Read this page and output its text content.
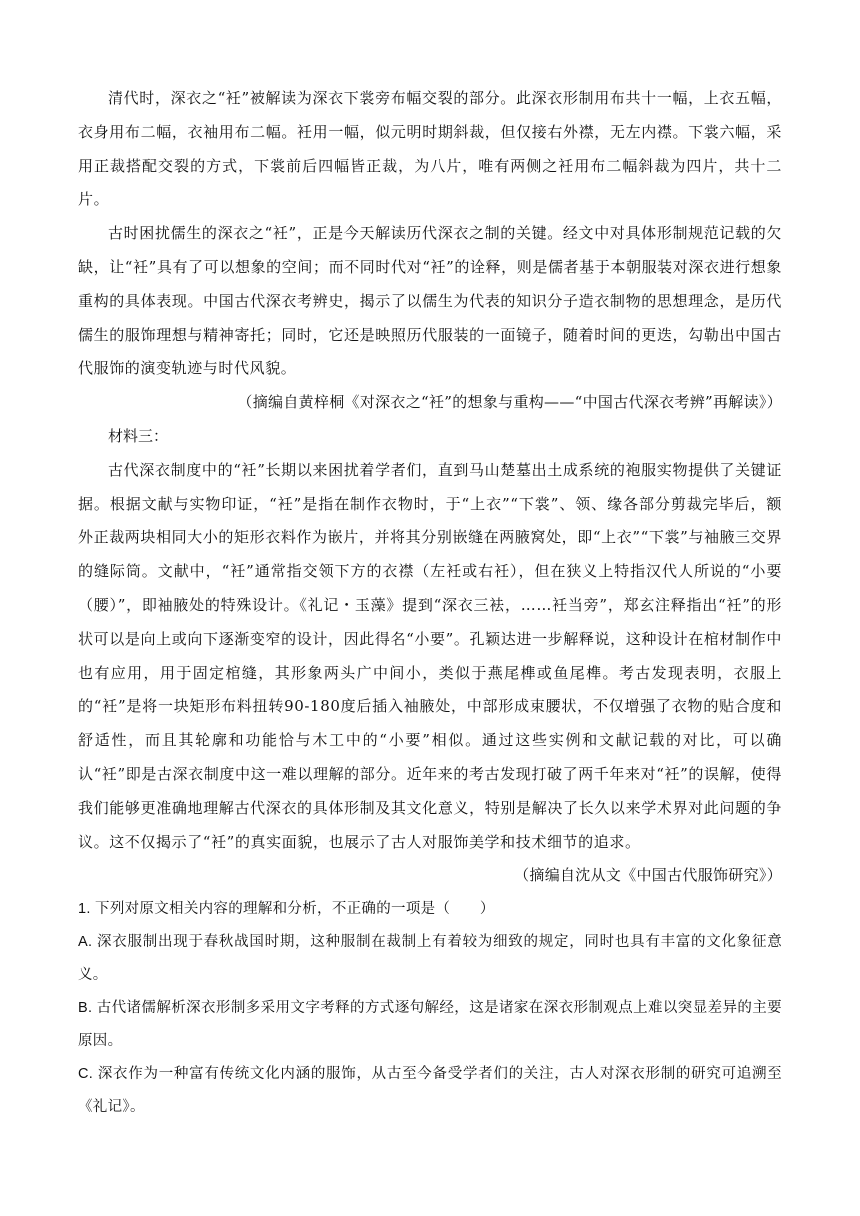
清代时，深衣之“衽”被解读为深衣下裳旁布幅交裂的部分。此深衣形制用布共十一幅，上衣五幅，衣身用布二幅，衣袖用布二幅。衽用一幅，似元明时期斜裁，但仅接右外襟，无左内襟。下裳六幅，采用正裁搭配交裂的方式，下裳前后四幅皆正裁，为八片，唯有两侧之衽用布二幅斜裁为四片，共十二片。

古时困扰儒生的深衣之“衽”，正是今天解读历代深衣之制的关键。经文中对具体形制规范记载的欠缺，让“衽”具有了可以想象的空间；而不同时代对“衽”的诠释，则是儒者基于本朝服装对深衣进行想象重构的具体表现。中国古代深衣考辨史，揭示了以儒生为代表的知识分子造衣制物的思想理念，是历代儒生的服饰理想与精神寄托；同时，它还是映照历代服装的一面镜子，随着时间的更迭，勾勒出中国古代服饰的演变轨迹与时代风貌。

（摘编自黄梓桐《对深衣之“衽”的想象与重构——“中国古代深衣考辨”再解读》）

材料三：

古代深衣制度中的“衽”长期以来困扰着学者们，直到马山楚墓出土成系统的袍服实物提供了关键证据。根据文献与实物印证，“衽”是指在制作衣物时，于“上衣”“下裳”、领、缘各部分剪裁完毕后，额外正裁两块相同大小的矩形衣料作为嵌片，并将其分别嵌缝在两腋窝处，即“上衣”“下裳”与袖腋三交界的缝际筒。文献中，“衽”通常指交领下方的衣襟（左衽或右衽），但在狭义上特指汉代人所说的“小要（腰）”，即袖腋处的特殊设计。《礼记・玉藻》提到“深衣三袪，……衽当旁”，郑玄注释指出“衽”的形状可以是向上或向下逐渐变窄的设计，因此得名“小要”。孔颖达进一步解释说，这种设计在棺材制作中也有应用，用于固定棺缝，其形象两头广中间小，类似于燕尾榫或鱼尾榫。考古发现表明，衣服上的“衽”是将一块矩形布料扭转90-180度后插入袖腋处，中部形成束腰状，不仅增强了衣物的贴合度和舒适性，而且其轮廓和功能恰与木工中的“小要”相似。通过这些实例和文献记载的对比，可以确认“衽”即是古深衣制度中这一难以理解的部分。近年来的考古发现打破了两千年来对“衽”的误解，使得我们能够更准确地理解古代深衣的具体形制及其文化意义，特别是解决了长久以来学术界对此问题的争议。这不仅揭示了“衽”的真实面貌，也展示了古人对服饰美学和技术细节的追求。

（摘编自沈从文《中国古代服饰研究》）

1. 下列对原文相关内容的理解和分析，不正确的一项是（　　）

A. 深衣服制出现于春秋战国时期，这种服制在裁制上有着较为细致的规定，同时也具有丰富的文化象征意义。

B. 古代诸儒解析深衣形制多采用文字考释的方式逐句解经，这是诸家在深衣形制观点上难以突显差异的主要原因。

C. 深衣作为一种富有传统文化内涵的服饰，从古至今备受学者们的关注，古人对深衣形制的研究可追溯至《礼记》。
